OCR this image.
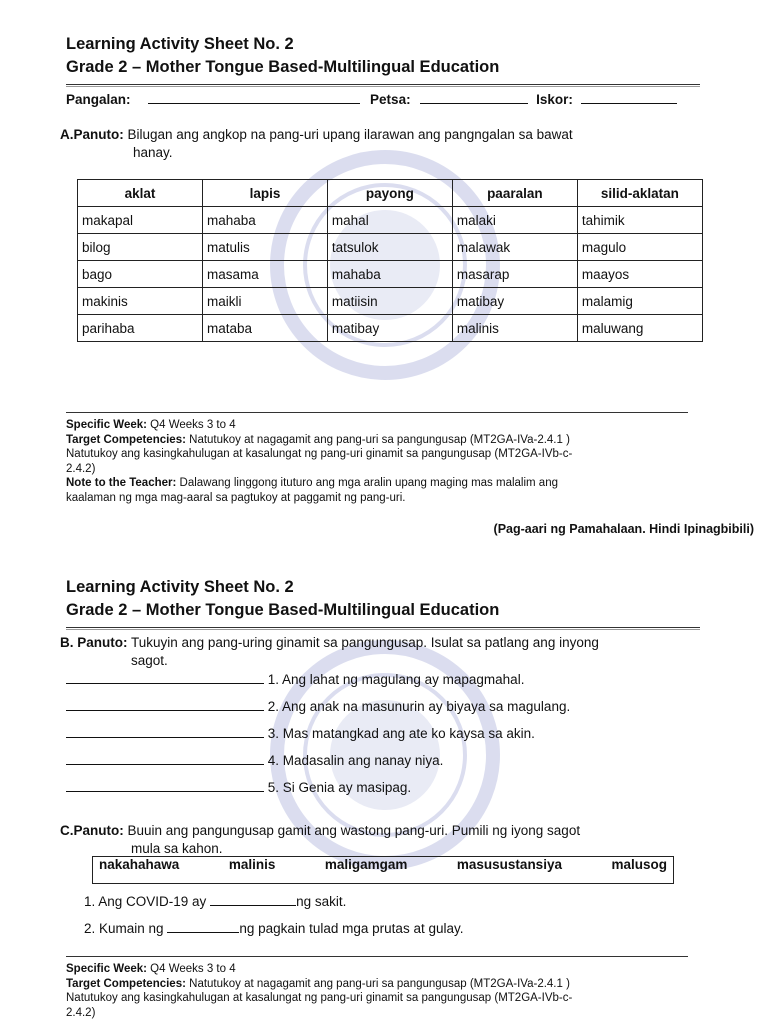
Learning Activity Sheet No. 2
Grade 2 – Mother Tongue Based-Multilingual Education
Pangalan:	Petsa:	Iskor:
A.Panuto: Bilugan ang angkop na pang-uri upang ilarawan ang pangngalan sa bawat
hanay.
aklat	lapis	payong	paaralan	silid-aklatan
makapal	mahaba	mahal	malaki	tahimik
bilog	matulis	tatsulok	malawak	magulo
bago	masama	mahaba	masarap	maayos
makinis	maikli	matiisin	matibay	malamig
parihaba	mataba	matibay	malinis	maluwang
Specific Week: Q4 Weeks 3 to 4
Target Competencies: Natutukoy at nagagamit ang pang-uri sa pangungusap (MT2GA-IVa-2.4.1 )
Natutukoy ang kasingkahulugan at kasalungat ng pang-uri ginamit sa pangungusap (MT2GA-IVb-c-
2.4.2)
Note to the Teacher: Dalawang linggong ituturo ang mga aralin upang maging mas malalim ang
kaalaman ng mga mag-aaral sa pagtukoy at paggamit ng pang-uri.
(Pag-aari ng Pamahalaan. Hindi Ipinagbibili)
Learning Activity Sheet No. 2
Grade 2 – Mother Tongue Based-Multilingual Education
B. Panuto: Tukuyin ang pang-uring ginamit sa pangungusap. Isulat sa patlang ang inyong
sagot.
1. Ang lahat ng magulang ay mapagmahal.
2. Ang anak na masunurin ay biyaya sa magulang.
3. Mas matangkad ang ate ko kaysa sa akin.
4. Madasalin ang nanay niya.
5. Si Genia ay masipag.
C.Panuto: Buuin ang pangungusap gamit ang wastong pang-uri. Pumili ng iyong sagot
mula sa kahon.
nakahahawa	malinis	maligamgam	masusustansiya	malusog
1. Ang COVID-19 ay	ng sakit.
2. Kumain ng	ng pagkain tulad mga prutas at gulay.
Specific Week: Q4 Weeks 3 to 4
Target Competencies: Natutukoy at nagagamit ang pang-uri sa pangungusap (MT2GA-IVa-2.4.1 )
Natutukoy ang kasingkahulugan at kasalungat ng pang-uri ginamit sa pangungusap (MT2GA-IVb-c-
2.4.2)
